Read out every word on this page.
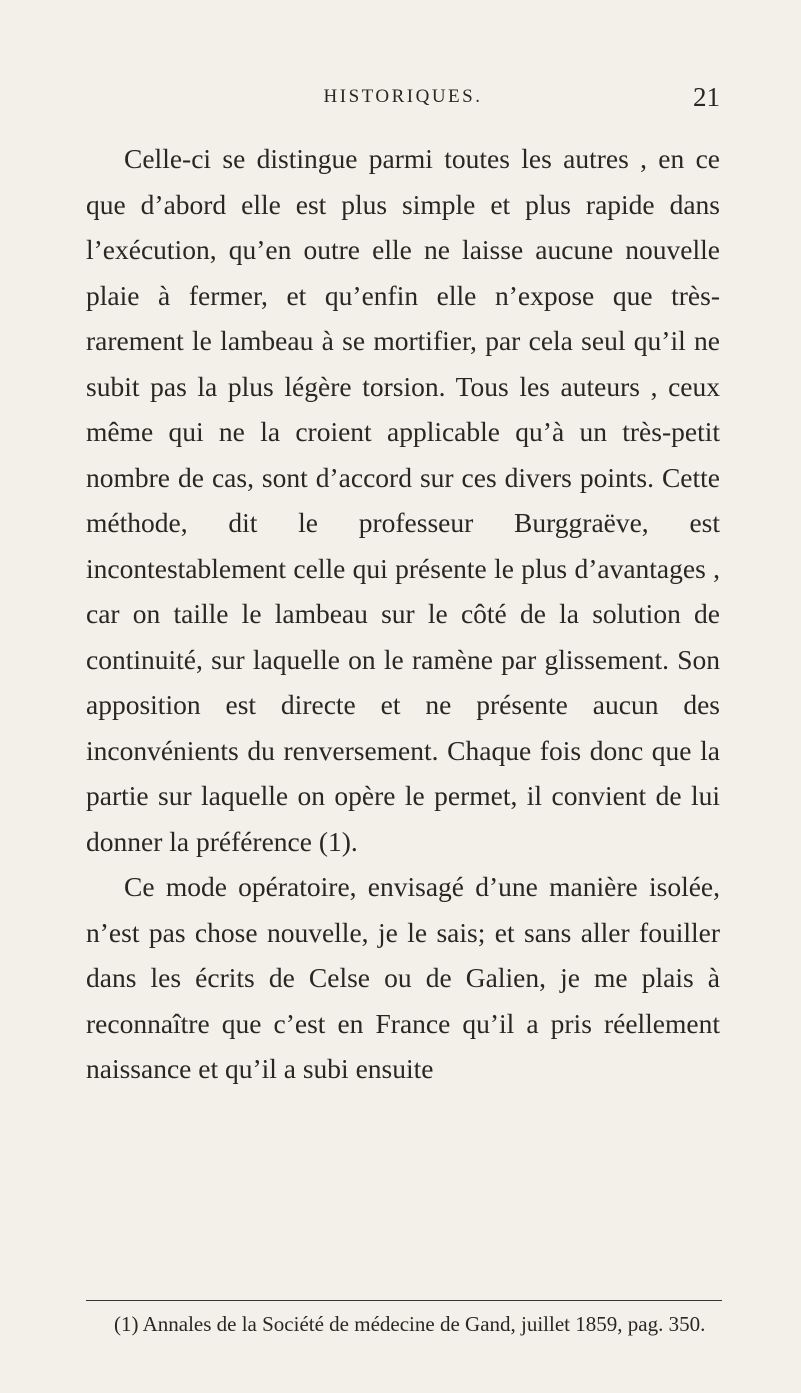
HISTORIQUES.	21

Celle-ci se distingue parmi toutes les autres , en ce que d’abord elle est plus simple et plus rapide dans l’exécution, qu’en outre elle ne laisse aucune nouvelle plaie à fermer, et qu’enfin elle n’expose que très-rarement le lambeau à se mortifier, par cela seul qu’il ne subit pas la plus légère torsion. Tous les auteurs , ceux même qui ne la croient applicable qu’à un très-petit nombre de cas, sont d’accord sur ces divers points. Cette méthode, dit le professeur Burggraëve, est incontestablement celle qui présente le plus d’avantages , car on taille le lambeau sur le côté de la solution de continuité, sur laquelle on le ramène par glissement. Son apposition est directe et ne présente aucun des inconvénients du renversement. Chaque fois donc que la partie sur laquelle on opère le permet, il convient de lui donner la préférence (1).

Ce mode opératoire, envisagé d’une manière isolée, n’est pas chose nouvelle, je le sais; et sans aller fouiller dans les écrits de Celse ou de Galien, je me plais à reconnaître que c’est en France qu’il a pris réellement naissance et qu’il a subi ensuite

(1) Annales de la Société de médecine de Gand, juillet 1859, pag. 350.
